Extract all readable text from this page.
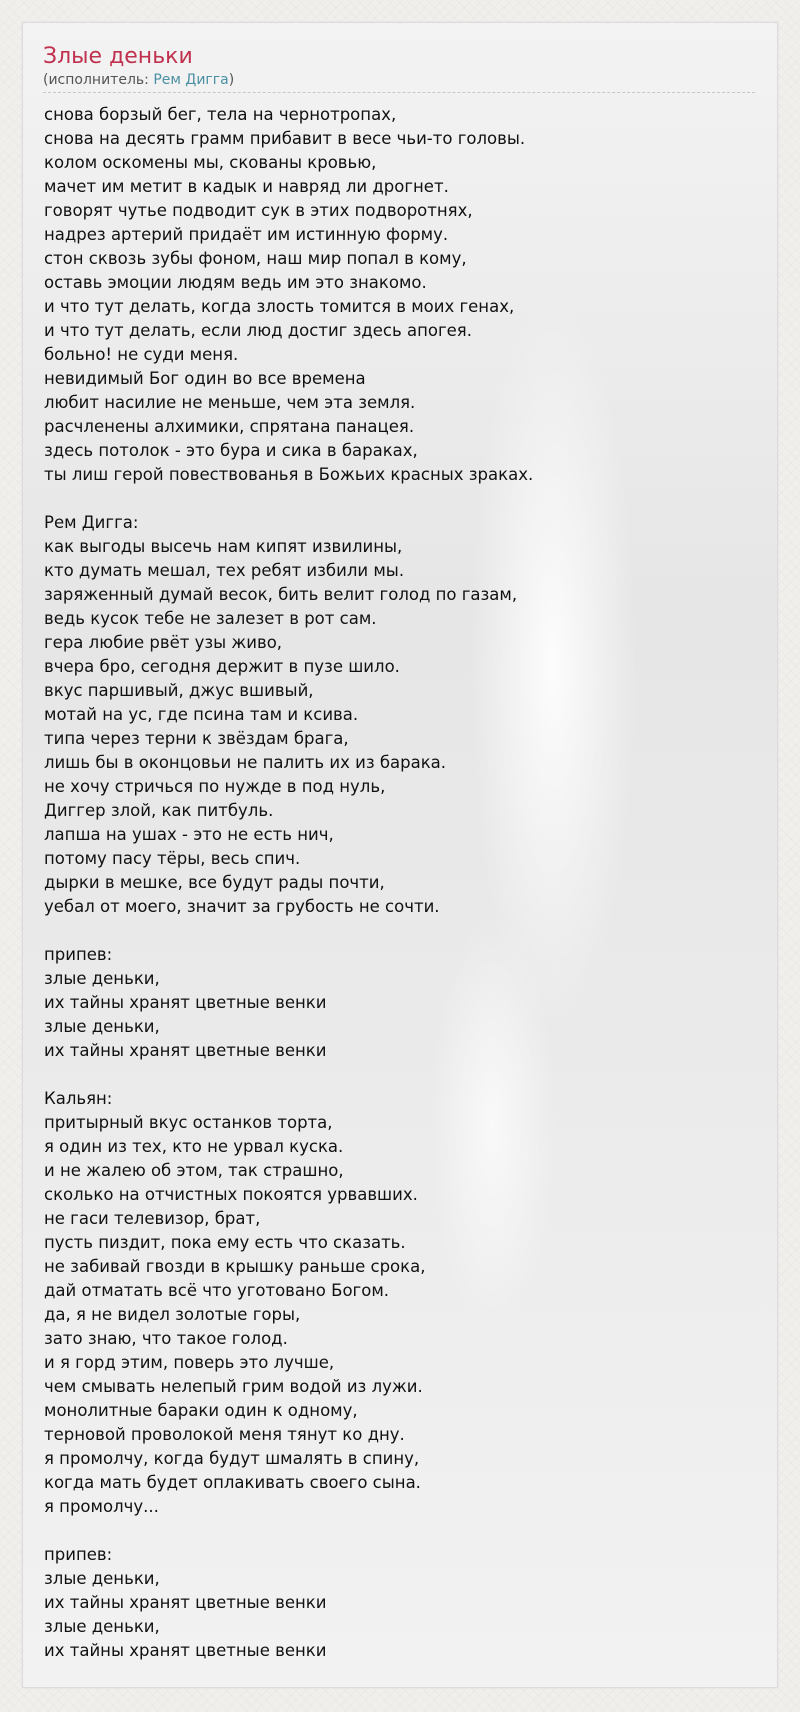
Злые деньки
(исполнитель: Рем Дигга)
снова борзый бег, тела на чернотропах,
снова на десять грамм прибавит в весе чьи-то головы.
колом оскомены мы, скованы кровью,
мачет им метит в кадык и навряд ли дрогнет.
говорят чутье подводит сук в этих подворотнях,
надрез артерий придаёт им истинную форму.
стон сквозь зубы фоном, наш мир попал в кому,
оставь эмоции людям ведь им это знакомо.
и что тут делать, когда злость томится в моих генах,
и что тут делать, если люд достиг здесь апогея.
больно! не суди меня.
невидимый Бог один во все времена
любит насилие не меньше, чем эта земля.
расчленены алхимики, спрятана панацея.
здесь потолок - это бура и сика в бараках,
ты лиш герой повествованья в Божьих красных зраках.
Рем Дигга:
как выгоды высечь нам кипят извилины,
кто думать мешал, тех ребят избили мы.
заряженный думай весок, бить велит голод по газам,
ведь кусок тебе не залезет в рот сам.
гера любие рвёт узы живо,
вчера бро, сегодня держит в пузе шило.
вкус паршивый, джус вшивый,
мотай на ус, где псина там и ксива.
типа через терни к звёздам брага,
лишь бы в оконцовьи не палить их из барака.
не хочу стричься по нужде в под нуль,
Диггер злой, как питбуль.
лапша на ушах - это не есть нич,
потому пасу тёры, весь спич.
дырки в мешке, все будут рады почти,
уебал от моего, значит за грубость не сочти.
припев:
злые деньки,
их тайны хранят цветные венки
злые деньки,
их тайны хранят цветные венки
Кальян:
притырный вкус останков торта,
я один из тех, кто не урвал куска.
и не жалею об этом, так страшно,
сколько на отчистных покоятся урвавших.
не гаси телевизор, брат,
пусть пиздит, пока ему есть что сказать.
не забивай гвозди в крышку раньше срока,
дай отматать всё что уготовано Богом.
да, я не видел золотые горы,
зато знаю, что такое голод.
и я горд этим, поверь это лучше,
чем смывать нелепый грим водой из лужи.
монолитные бараки один к одному,
терновой проволокой меня тянут ко дну.
я промолчу, когда будут шмалять в спину,
когда мать будет оплакивать своего сына.
я промолчу...
припев:
злые деньки,
их тайны хранят цветные венки
злые деньки,
их тайны хранят цветные венки
